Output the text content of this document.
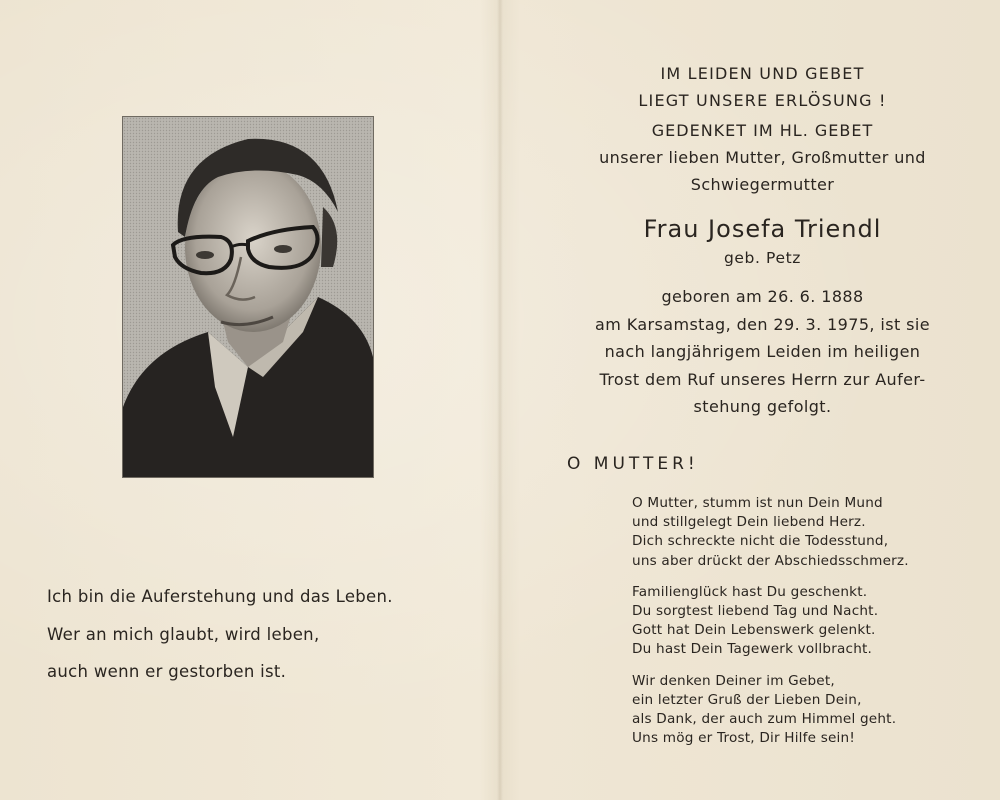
Ich bin die Auferstehung und das Leben.
Wer an mich glaubt, wird leben,
auch wenn er gestorben ist.
IM LEIDEN UND GEBET
LIEGT UNSERE ERLÖSUNG !
GEDENKET IM HL. GEBET
unserer lieben Mutter, Großmutter und
Schwiegermutter
Frau Josefa Triendl
geb. Petz
geboren am 26. 6. 1888
am Karsamstag, den 29. 3. 1975, ist sie
nach langjährigem Leiden im heiligen
Trost dem Ruf unseres Herrn zur Aufer-
stehung gefolgt.
O MUTTER!
O Mutter, stumm ist nun Dein Mund
und stillgelegt Dein liebend Herz.
Dich schreckte nicht die Todesstund,
uns aber drückt der Abschiedsschmerz.
Familienglück hast Du geschenkt.
Du sorgtest liebend Tag und Nacht.
Gott hat Dein Lebenswerk gelenkt.
Du hast Dein Tagewerk vollbracht.
Wir denken Deiner im Gebet,
ein letzter Gruß der Lieben Dein,
als Dank, der auch zum Himmel geht.
Uns mög er Trost, Dir Hilfe sein!
